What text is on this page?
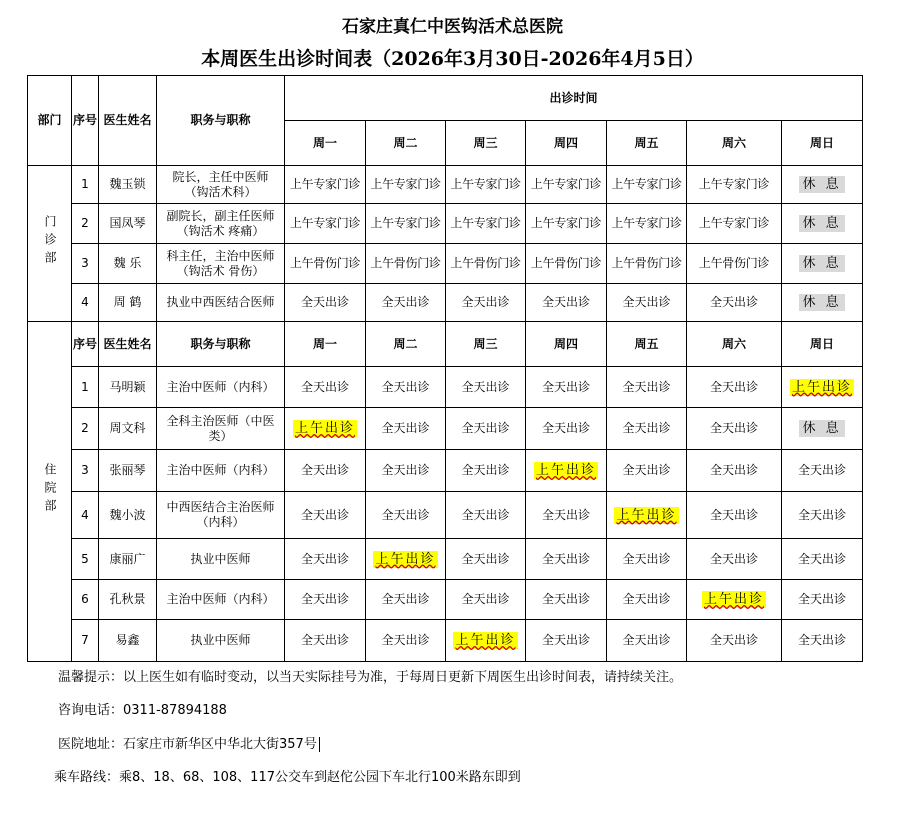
石家庄真仁中医钩活术总医院
本周医生出诊时间表（2026年3月30日-2026年4月5日）
部门	序号	医生姓名	职务与职称	出诊时间						
				周一	周二	周三	周四	周五	周六	周日
门诊部	1	魏玉锁	院长，主任中医师（钩活术科）	上午专家门诊	上午专家门诊	上午专家门诊	上午专家门诊	上午专家门诊	上午专家门诊	休 息
	2	国凤琴	副院长，副主任医师（钩活术 疼痛）	上午专家门诊	上午专家门诊	上午专家门诊	上午专家门诊	上午专家门诊	上午专家门诊	休 息
	3	魏 乐	科主任，主治中医师（钩活术 骨伤）	上午骨伤门诊	上午骨伤门诊	上午骨伤门诊	上午骨伤门诊	上午骨伤门诊	上午骨伤门诊	休 息
	4	周 鹤	执业中西医结合医师	全天出诊	全天出诊	全天出诊	全天出诊	全天出诊	全天出诊	休 息
住院部	序号	医生姓名	职务与职称	周一	周二	周三	周四	周五	周六	周日
	1	马明颖	主治中医师（内科）	全天出诊	全天出诊	全天出诊	全天出诊	全天出诊	全天出诊	上午出诊
	2	周文科	全科主治医师（中医类）	上午出诊	全天出诊	全天出诊	全天出诊	全天出诊	全天出诊	休 息
	3	张丽琴	主治中医师（内科）	全天出诊	全天出诊	全天出诊	上午出诊	全天出诊	全天出诊	全天出诊
	4	魏小波	中西医结合主治医师（内科）	全天出诊	全天出诊	全天出诊	全天出诊	上午出诊	全天出诊	全天出诊
	5	康丽广	执业中医师	全天出诊	上午出诊	全天出诊	全天出诊	全天出诊	全天出诊	全天出诊
	6	孔秋景	主治中医师（内科）	全天出诊	全天出诊	全天出诊	全天出诊	全天出诊	上午出诊	全天出诊
	7	易鑫	执业中医师	全天出诊	全天出诊	上午出诊	全天出诊	全天出诊	全天出诊	全天出诊
温馨提示：以上医生如有临时变动，以当天实际挂号为准，于每周日更新下周医生出诊时间表，请持续关注。
咨询电话：0311-87894188
医院地址：石家庄市新华区中华北大街357号
乘车路线：乘8、18、68、108、117公交车到赵佗公园下车北行100米路东即到
